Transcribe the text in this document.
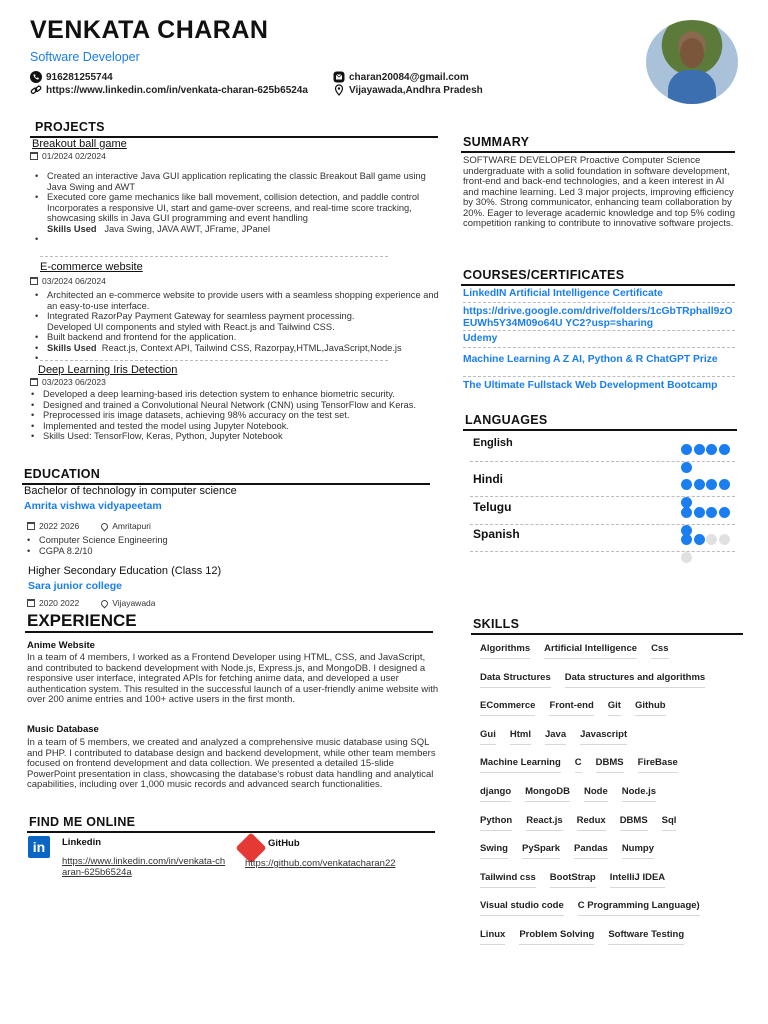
VENKATA CHARAN
Software Developer
916281255744
https://www.linkedin.com/in/venkata-charan-625b6524a
charan20084@gmail.com
Vijayawada,Andhra Pradesh
PROJECTS
Breakout ball game
01/2024 02/2024
• Created an interactive Java GUI application replicating the classic Breakout Ball game using Java Swing and AWT
• Executed core game mechanics like ball movement, collision detection, and paddle control
Incorporates a responsive UI, start and game-over screens, and real-time score tracking, showcasing skills in Java GUI programming and event handling
Skills Used Java Swing, JAVA AWT, JFrame, JPanel
•
E-commerce website
03/2024 06/2024
• Architected an e-commerce website to provide users with a seamless shopping experience and an easy-to-use interface.
• Integrated RazorPay Payment Gateway for seamless payment processing.
Developed UI components and styled with React.js and Tailwind CSS.
• Built backend and frontend for the application.
• Skills Used React.js, Context API, Tailwind CSS, Razorpay,HTML,JavaScript,Node.js
•
Deep Learning Iris Detection
03/2023 06/2023
• Developed a deep learning-based iris detection system to enhance biometric security.
• Designed and trained a Convolutional Neural Network (CNN) using TensorFlow and Keras.
• Preprocessed iris image datasets, achieving 98% accuracy on the test set.
• Implemented and tested the model using Jupyter Notebook.
• Skills Used: TensorFlow, Keras, Python, Jupyter Notebook
EDUCATION
Bachelor of technology in computer science
Amrita vishwa vidyapeetam
2022 2026	Amritapuri
• Computer Science Engineering
• CGPA 8.2/10
Higher Secondary Education (Class 12)
Sara junior college
2020 2022	Vijayawada
EXPERIENCE
Anime Website
In a team of 4 members, I worked as a Frontend Developer using HTML, CSS, and JavaScript, and contributed to backend development with Node.js, Express.js, and MongoDB. I designed a responsive user interface, integrated APIs for fetching anime data, and developed a user authentication system. This resulted in the successful launch of a user-friendly anime website with over 200 anime entries and 100+ active users in the first month.
Music Database
In a team of 5 members, we created and analyzed a comprehensive music database using SQL and PHP. I contributed to database design and backend development, while other team members focused on frontend development and data collection. We presented a detailed 15-slide PowerPoint presentation in class, showcasing the database's robust data handling and analytical capabilities, including over 1,000 music records and advanced search functionalities.
FIND ME ONLINE
in	Linkedin
https://www.linkedin.com/in/venkata-charan-625b6524a
GitHub
https://github.com/venkatacharan22
SUMMARY
SOFTWARE DEVELOPER Proactive Computer Science undergraduate with a solid foundation in software development, front-end and back-end technologies, and a keen interest in AI and machine learning. Led 3 major projects, improving efficiency by 30%. Strong communicator, enhancing team collaboration by 20%. Eager to leverage academic knowledge and top 5% coding competition ranking to contribute to innovative software projects.
COURSES/CERTIFICATES
LinkedIN Artificial Intelligence Certificate
https://drive.google.com/drive/folders/1cGbTRphall9zOEUWh5Y34M09o64U YC2?usp=sharing
Udemy
Machine Learning A Z AI, Python & R ChatGPT Prize
The Ultimate Fullstack Web Development Bootcamp
LANGUAGES
English
Hindi
Telugu
Spanish
SKILLS
Algorithms Artificial Intelligence Css
Data Structures Data structures and algorithms
ECommerce Front-end Git Github
Gui Html Java Javascript
Machine Learning C DBMS FireBase
django MongoDB Node Node.js
Python React.js Redux DBMS Sql
Swing PySpark Pandas Numpy
Tailwind css BootStrap IntelliJ IDEA
Visual studio code C Programming Language)
Linux Problem Solving Software Testing
